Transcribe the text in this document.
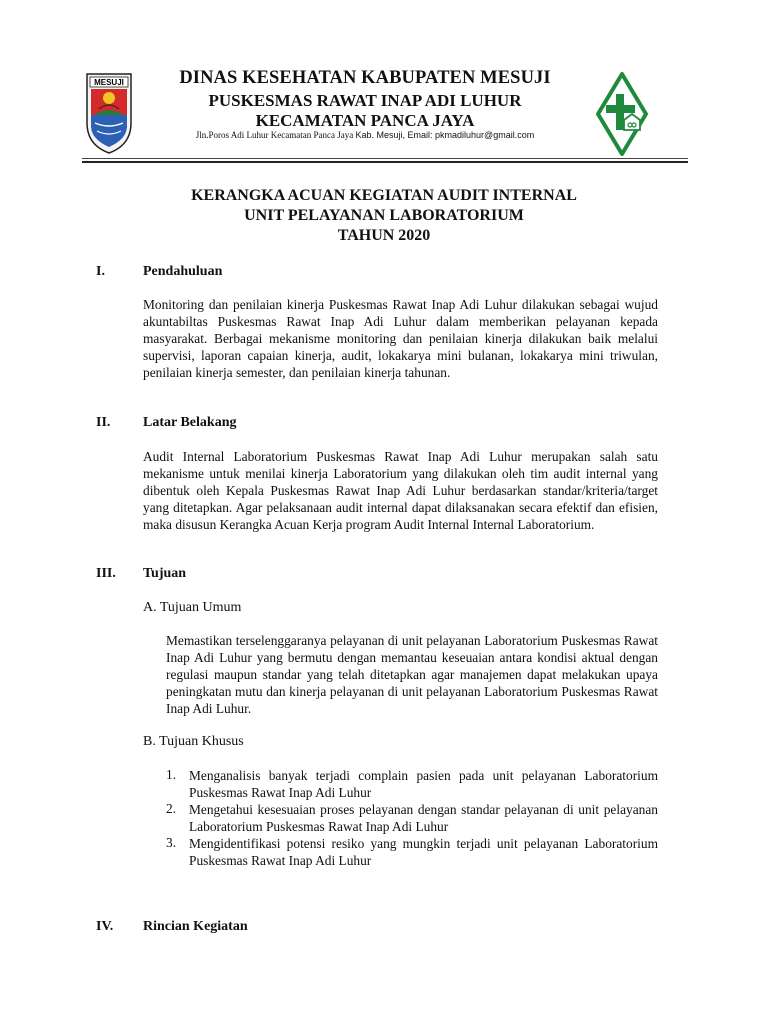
MESUJI	DINAS KESEHATAN KABUPATEN MESUJI
PUSKESMAS RAWAT INAP ADI LUHUR
KECAMATAN PANCA JAYA
Jln.Poros Adi Luhur Kecamatan Panca Jaya Kab. Mesuji, Email: pkmadiluhur@gmail.com
KERANGKA ACUAN KEGIATAN AUDIT INTERNAL
UNIT PELAYANAN LABORATORIUM
TAHUN 2020
I.	Pendahuluan
Monitoring dan penilaian kinerja Puskesmas Rawat Inap Adi Luhur dilakukan sebagai wujud akuntabiltas Puskesmas Rawat Inap Adi Luhur dalam memberikan pelayanan kepada masyarakat. Berbagai mekanisme monitoring dan penilaian kinerja dilakukan baik melalui supervisi, laporan capaian kinerja, audit, lokakarya mini bulanan, lokakarya mini triwulan, penilaian kinerja semester, dan penilaian kinerja tahunan.
II. Latar Belakang
Audit Internal Laboratorium Puskesmas Rawat Inap Adi Luhur merupakan salah satu mekanisme untuk menilai kinerja Laboratorium yang dilakukan oleh tim audit internal yang dibentuk oleh Kepala Puskesmas Rawat Inap Adi Luhur berdasarkan standar/kriteria/target yang ditetapkan. Agar pelaksanaan audit internal dapat dilaksanakan secara efektif dan efisien, maka disusun Kerangka Acuan Kerja program Audit Internal Internal Laboratorium.
III. Tujuan
A. Tujuan Umum
Memastikan terselenggaranya pelayanan di unit pelayanan Laboratorium Puskesmas Rawat Inap Adi Luhur yang bermutu dengan memantau keseuaian antara kondisi aktual dengan regulasi maupun standar yang telah ditetapkan agar manajemen dapat melakukan upaya peningkatan mutu dan kinerja pelayanan di unit pelayanan Laboratorium Puskesmas Rawat Inap Adi Luhur.
B. Tujuan Khusus
1. Menganalisis banyak terjadi complain pasien pada unit pelayanan Laboratorium Puskesmas Rawat Inap Adi Luhur
2. Mengetahui kesesuaian proses pelayanan dengan standar pelayanan di unit pelayanan Laboratorium Puskesmas Rawat Inap Adi Luhur
3. Mengidentifikasi potensi resiko yang mungkin terjadi unit pelayanan Laboratorium Puskesmas Rawat Inap Adi Luhur
IV. Rincian Kegiatan
